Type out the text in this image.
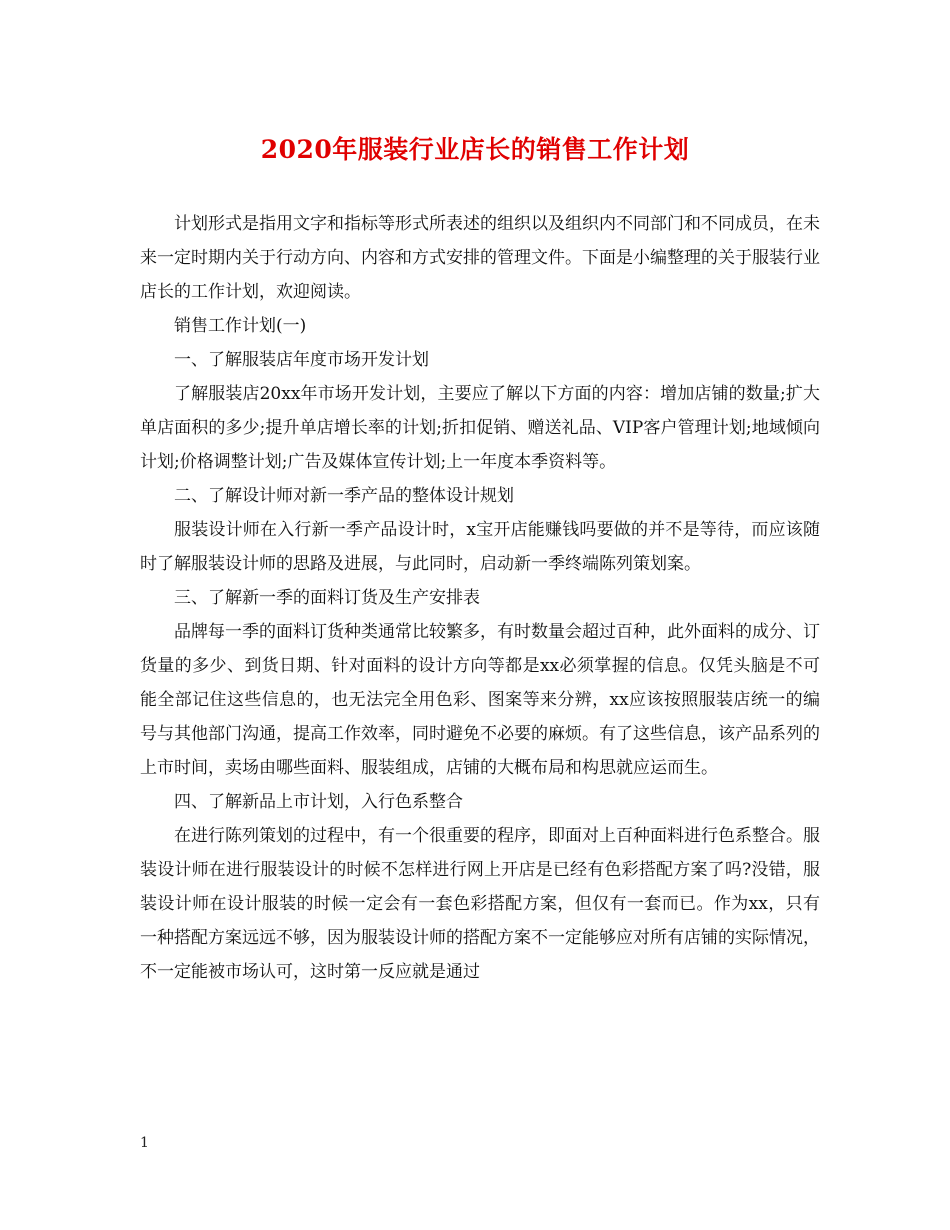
2020年服装行业店长的销售工作计划

计划形式是指用文字和指标等形式所表述的组织以及组织内不同部门和不同成员，在未来一定时期内关于行动方向、内容和方式安排的管理文件。下面是小编整理的关于服装行业店长的工作计划，欢迎阅读。

销售工作计划(一)

一、了解服装店年度市场开发计划

了解服装店20xx年市场开发计划，主要应了解以下方面的内容：增加店铺的数量;扩大单店面积的多少;提升单店增长率的计划;折扣促销、赠送礼品、VIP客户管理计划;地域倾向计划;价格调整计划;广告及媒体宣传计划;上一年度本季资料等。

二、了解设计师对新一季产品的整体设计规划

服装设计师在入行新一季产品设计时，x宝开店能赚钱吗要做的并不是等待，而应该随时了解服装设计师的思路及进展，与此同时，启动新一季终端陈列策划案。

三、了解新一季的面料订货及生产安排表

品牌每一季的面料订货种类通常比较繁多，有时数量会超过百种，此外面料的成分、订货量的多少、到货日期、针对面料的设计方向等都是xx必须掌握的信息。仅凭头脑是不可能全部记住这些信息的，也无法完全用色彩、图案等来分辨，xx应该按照服装店统一的编号与其他部门沟通，提高工作效率，同时避免不必要的麻烦。有了这些信息，该产品系列的上市时间，卖场由哪些面料、服装组成，店铺的大概布局和构思就应运而生。

四、了解新品上市计划，入行色系整合

在进行陈列策划的过程中，有一个很重要的程序，即面对上百种面料进行色系整合。服装设计师在进行服装设计的时候不怎样进行网上开店是已经有色彩搭配方案了吗?没错，服装设计师在设计服装的时候一定会有一套色彩搭配方案，但仅有一套而已。作为xx，只有一种搭配方案远远不够，因为服装设计师的搭配方案不一定能够应对所有店铺的实际情况，不一定能被市场认可，这时第一反应就是通过

1
